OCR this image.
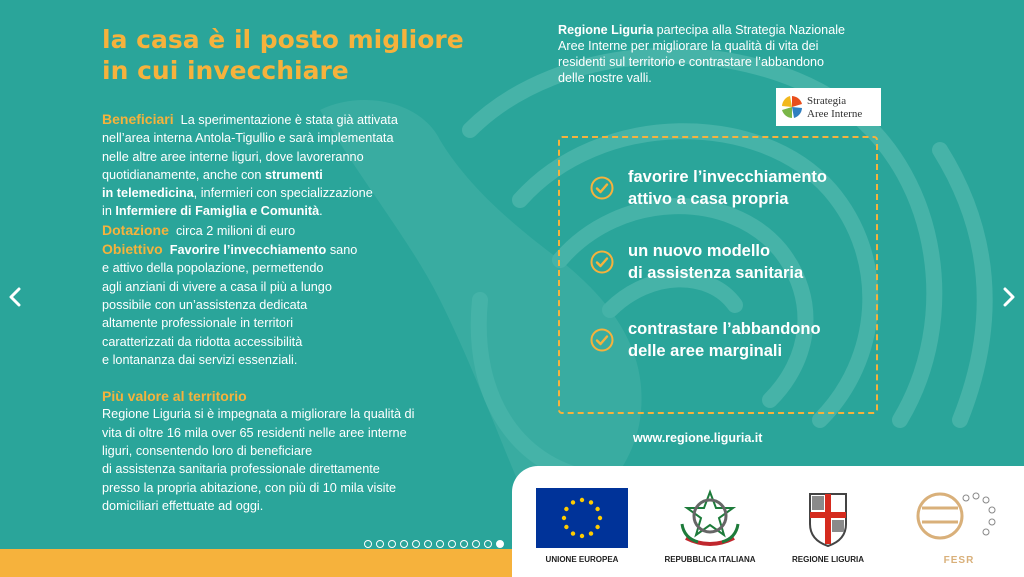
la casa è il posto migliore
in cui invecchiare

Beneficiari La sperimentazione è stata già attivata

nell’area interna Antola-Tigullio e sarà implementata

nelle altre aree interne liguri, dove lavoreranno

quotidianamente, anche con strumenti

in telemedicina, infermieri con specializzazione

in Infermiere di Famiglia e Comunità.

Dotazione circa 2 milioni di euro

Obiettivo Favorire l’invecchiamento sano

e attivo della popolazione, permettendo

agli anziani di vivere a casa il più a lungo

possibile con un’assistenza dedicata

altamente professionale in territori

caratterizzati da ridotta accessibilità

e lontananza dai servizi essenziali.

Più valore al territorio

Regione Liguria si è impegnata a migliorare la qualità di

vita di oltre 16 mila over 65 residenti nelle aree interne

liguri, consentendo loro di beneficiare

di assistenza sanitaria professionale direttamente

presso la propria abitazione, con più di 10 mila visite

domiciliari effettuate ad oggi.

Regione Liguria partecipa alla Strategia Nazionale

Aree Interne per migliorare la qualità di vita dei

residenti sul territorio e contrastare l’abbandono

delle nostre valli.

Strategia
Aree Interne
favorire l’invecchiamento
attivo a casa propria
un nuovo modello
di assistenza sanitaria
contrastare l’abbandono
delle aree marginali
www.regione.liguria.it
UNIONE EUROPEA	REPUBBLICA ITALIANA	REGIONE LIGURIA	FESR
